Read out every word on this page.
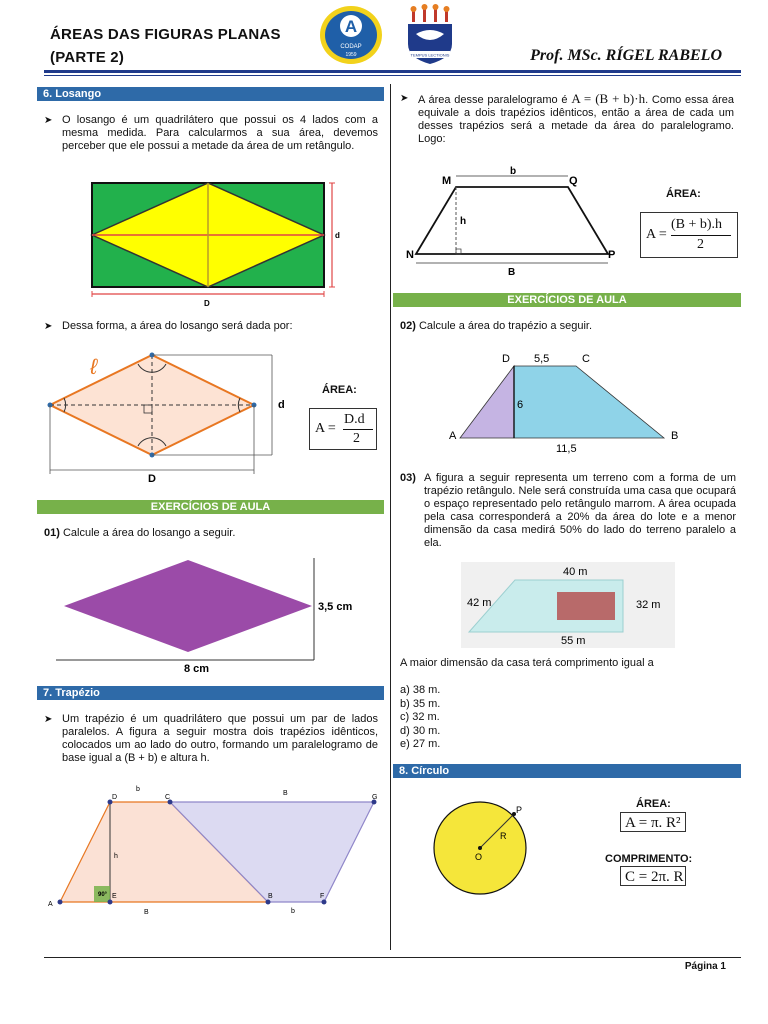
ÁREAS DAS FIGURAS PLANAS
(PARTE 2)
A
CODAP
1959	TEMPUS LECTIONIS	Prof. MSc. RÍGEL RABELO
6. Losango
➤ O losango é um quadrilátero que possui os 4 lados com a mesma medida. Para calcularmos a sua área, devemos perceber que ele possui a metade da área de um retângulo.
d
D
➤ Dessa forma, a área do losango será dada por:
ℓ
d
D
ÁREA:
A =
D.d
2
EXERCÍCIOS DE AULA
01) Calcule a área do losango a seguir.
3,5 cm
8 cm
7. Trapézio
➤ Um trapézio é um quadrilátero que possui um par de lados paralelos. A figura a seguir mostra dois trapézios idênticos, colocados um ao lado do outro, formando um paralelogramo de base igual a (B + b) e altura h.
D	C	G
A
E	B	F
b
B
h
B	b
90°
➤ A área desse paralelogramo é A = (B + b)·h. Como essa área equivale a dois trapézios idênticos, então a área de cada um desses trapézios será a metade da área do paralelogramo. Logo:
M	Q
N	P
b
h
B
ÁREA:
A =
(B + b).h
2
EXERCÍCIOS DE AULA
02) Calcule a área do trapézio a seguir.
D	C
A	B
5,5
6
11,5
03) A figura a seguir representa um terreno com a forma de um trapézio retângulo. Nele será construída uma casa que ocupará o espaço representado pelo retângulo marrom. A área ocupada pela casa corresponderá a 20% da área do lote e a menor dimensão da casa medirá 50% do lado do terreno paralelo a ela.
40 m
42 m	32 m
55 m
A maior dimensão da casa terá comprimento igual a
a) 38 m.
b) 35 m.
c) 32 m.
d) 30 m.
e) 27 m.
8. Círculo
P
R
O
ÁREA:
A = π. R²
COMPRIMENTO:
C = 2π. R
Página 1
